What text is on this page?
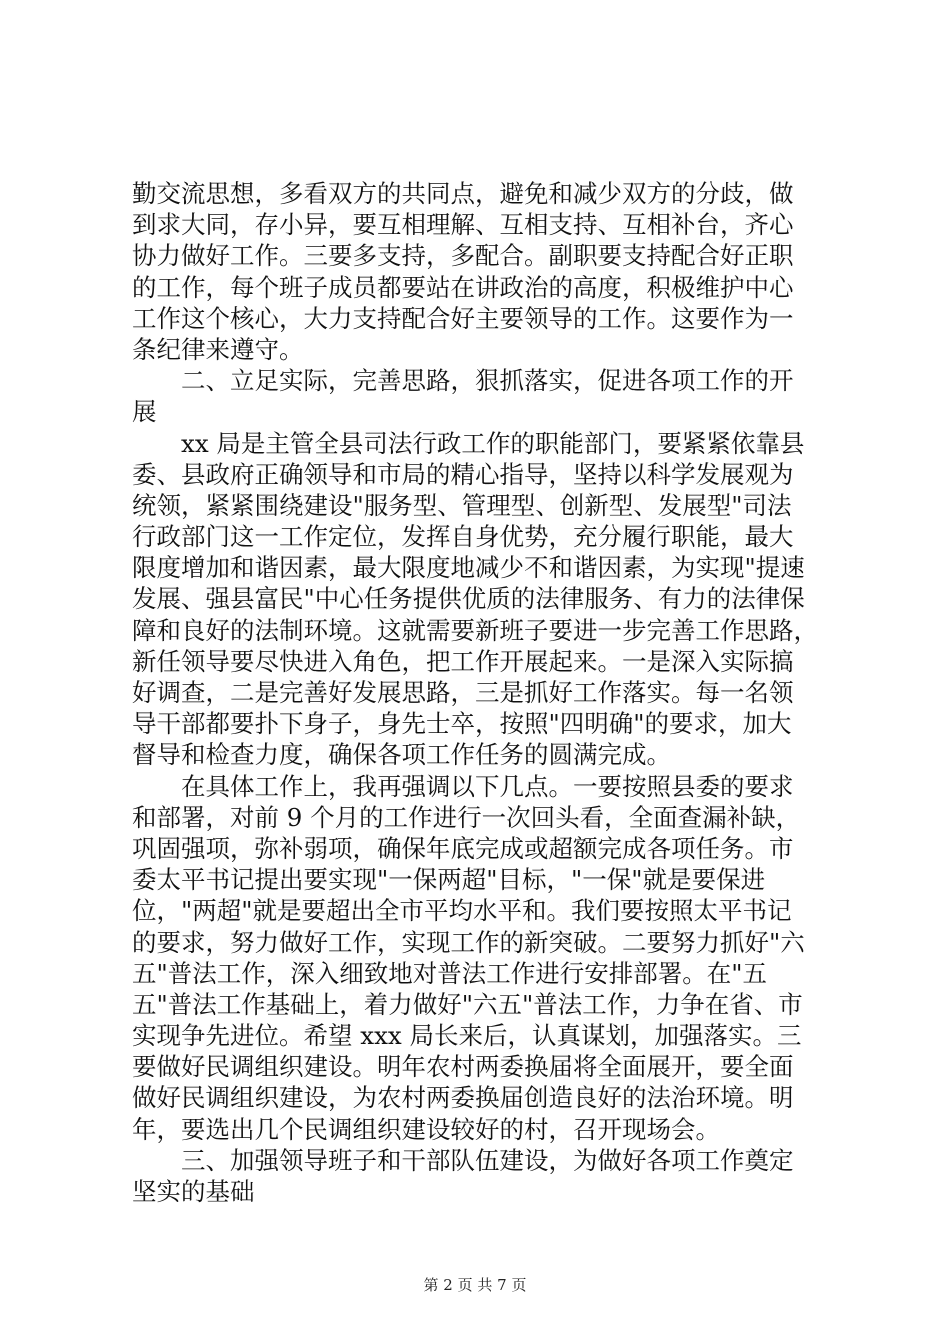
勤交流思想，多看双方的共同点，避免和减少双方的分歧，做
到求大同，存小异，要互相理解、互相支持、互相补台，齐心
协力做好工作。三要多支持，多配合。副职要支持配合好正职
的工作，每个班子成员都要站在讲政治的高度，积极维护中心
工作这个核心，大力支持配合好主要领导的工作。这要作为一
条纪律来遵守。
二、立足实际，完善思路，狠抓落实，促进各项工作的开
展
xx 局是主管全县司法行政工作的职能部门，要紧紧依靠县
委、县政府正确领导和市局的精心指导，坚持以科学发展观为
统领，紧紧围绕建设"服务型、管理型、创新型、发展型"司法
行政部门这一工作定位，发挥自身优势，充分履行职能，最大
限度增加和谐因素，最大限度地减少不和谐因素，为实现"提速
发展、强县富民"中心任务提供优质的法律服务、有力的法律保
障和良好的法制环境。这就需要新班子要进一步完善工作思路，
新任领导要尽快进入角色，把工作开展起来。一是深入实际搞
好调查，二是完善好发展思路，三是抓好工作落实。每一名领
导干部都要扑下身子，身先士卒，按照"四明确"的要求，加大
督导和检查力度，确保各项工作任务的圆满完成。
在具体工作上，我再强调以下几点。一要按照县委的要求
和部署，对前 9 个月的工作进行一次回头看，全面查漏补缺，
巩固强项，弥补弱项，确保年底完成或超额完成各项任务。市
委太平书记提出要实现"一保两超"目标，"一保"就是要保进
位，"两超"就是要超出全市平均水平和。我们要按照太平书记
的要求，努力做好工作，实现工作的新突破。二要努力抓好"六
五"普法工作，深入细致地对普法工作进行安排部署。在"五
五"普法工作基础上，着力做好"六五"普法工作，力争在省、市
实现争先进位。希望 xxx 局长来后，认真谋划，加强落实。三
要做好民调组织建设。明年农村两委换届将全面展开，要全面
做好民调组织建设，为农村两委换届创造良好的法治环境。明
年，要选出几个民调组织建设较好的村，召开现场会。
三、加强领导班子和干部队伍建设，为做好各项工作奠定
坚实的基础
第 2 页 共 7 页
